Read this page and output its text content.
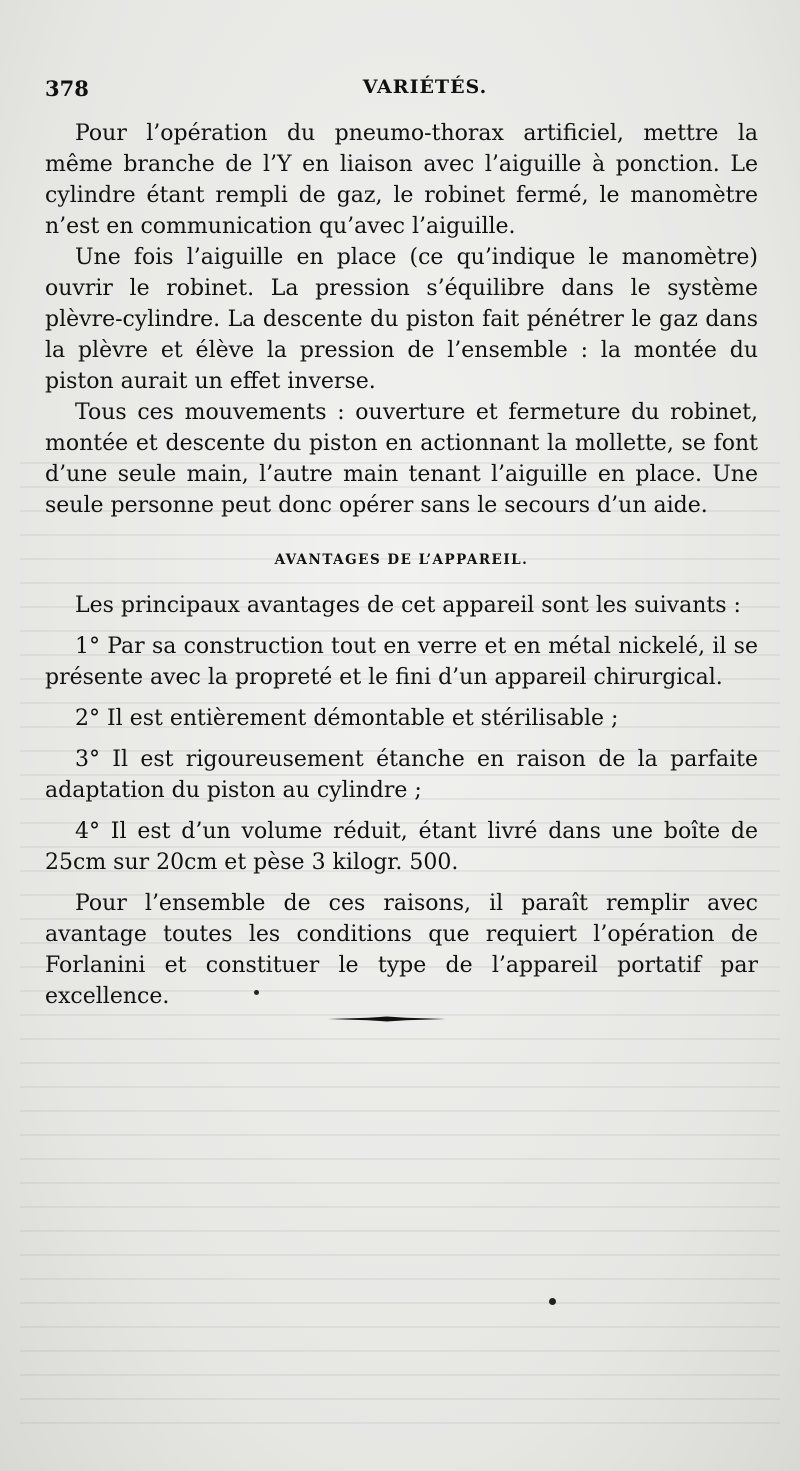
378	VARIÉTÉS.

Pour l’opération du pneumo-thorax artificiel, mettre la même branche de l’Y en liaison avec l’aiguille à ponction. Le cylindre étant rempli de gaz, le robinet fermé, le manomètre n’est en communication qu’avec l’aiguille.

Une fois l’aiguille en place (ce qu’indique le manomètre) ouvrir le robinet. La pression s’équilibre dans le système plèvre-cylindre. La descente du piston fait pénétrer le gaz dans la plèvre et élève la pression de l’ensemble : la montée du piston aurait un effet inverse.

Tous ces mouvements : ouverture et fermeture du robinet, montée et descente du piston en actionnant la mollette, se font d’une seule main, l’autre main tenant l’aiguille en place. Une seule personne peut donc opérer sans le secours d’un aide.

AVANTAGES DE L’APPAREIL.

Les principaux avantages de cet appareil sont les suivants :

1° Par sa construction tout en verre et en métal nickelé, il se présente avec la propreté et le fini d’un appareil chirurgical.

2° Il est entièrement démontable et stérilisable ;

3° Il est rigoureusement étanche en raison de la parfaite adaptation du piston au cylindre ;

4° Il est d’un volume réduit, étant livré dans une boîte de 25cm sur 20cm et pèse 3 kilogr. 500.

Pour l’ensemble de ces raisons, il paraît remplir avec avantage toutes les conditions que requiert l’opération de Forlanini et constituer le type de l’appareil portatif par excellence.
